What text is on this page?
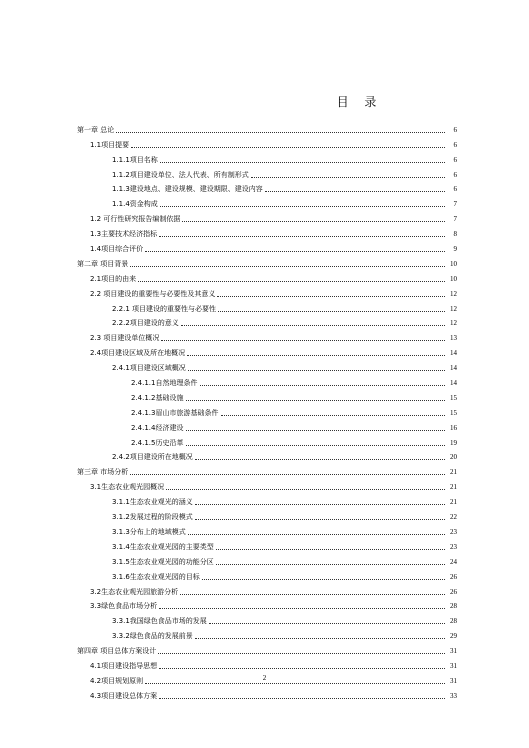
目 录
第一章 总论	6
1.1项目提要	6
1.1.1项目名称	6
1.1.2项目建设单位、法人代表、所有制形式	6
1.1.3建设地点、建设规模、建设期限、建设内容	6
1.1.4资金构成	7
1.2 可行性研究报告编制依据	7
1.3主要技术经济指标	8
1.4项目综合评价	9
第二章 项目背景	10
2.1项目的由来	10
2.2 项目建设的重要性与必要性及其意义	12
2.2.1 项目建设的重要性与必要性	12
2.2.2项目建设的意义	12
2.3 项目建设单位概况	13
2.4项目建设区域及所在地概况	14
2.4.1项目建设区域概况	14
2.4.1.1自然地理条件	14
2.4.1.2基础设施	15
2.4.1.3眉山市旅游基础条件	15
2.4.1.4经济建设	16
2.4.1.5历史沿革	19
2.4.2项目建设所在地概况	20
第三章 市场分析	21
3.1生态农业观光园概况	21
3.1.1生态农业观光的涵义	21
3.1.2发展过程的阶段模式	22
3.1.3分布上的地域模式	23
3.1.4生态农业观光园的主要类型	23
3.1.5生态农业观光园的功能分区	24
3.1.6生态农业观光园的目标	26
3.2生态农业观光园旅游分析	26
3.3绿色食品市场分析	28
3.3.1我国绿色食品市场的发展	28
3.3.2绿色食品的发展前景	29
第四章 项目总体方案设计	31
4.1项目建设指导思想	31
4.2项目规划原则	31
4.3项目建设总体方案	33
2
